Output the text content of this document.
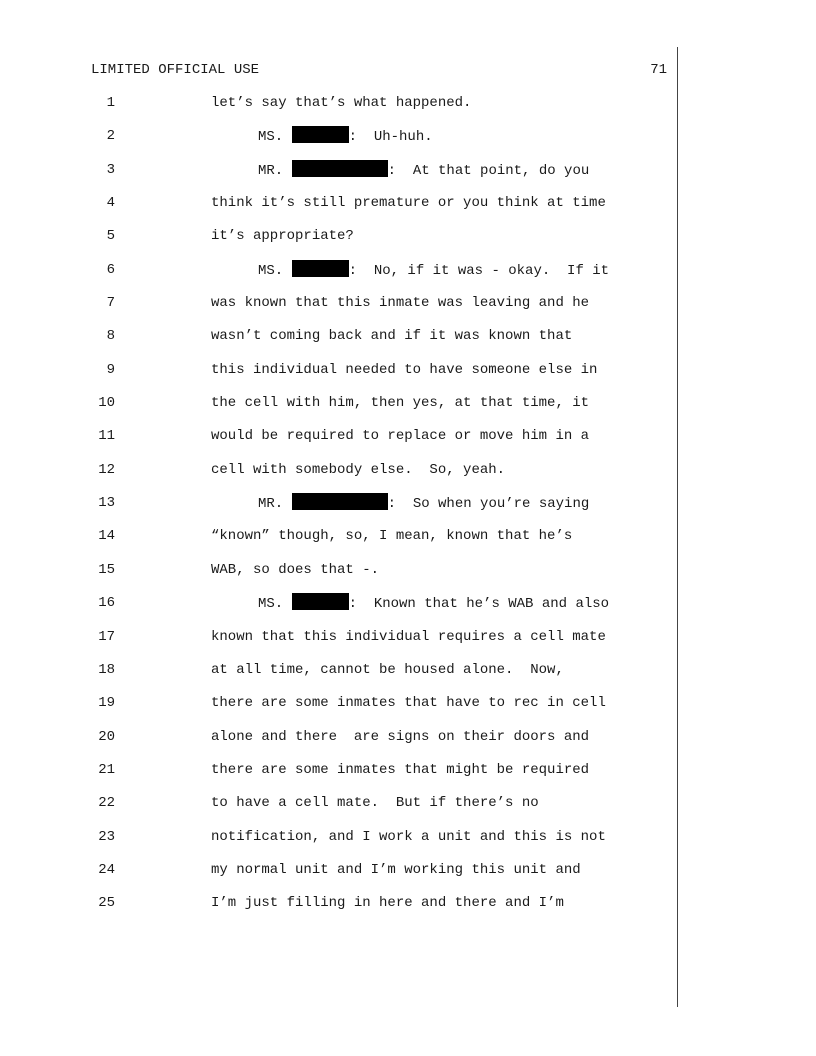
LIMITED OFFICIAL USE	71
1	let’s say that’s what happened.
2	MS.	:  Uh-huh.
3	MR.	:  At that point, do you
4	think it’s still premature or you think at time
5	it’s appropriate?
6	MS.	:  No, if it was - okay.  If it
7	was known that this inmate was leaving and he
8	wasn’t coming back and if it was known that
9	this individual needed to have someone else in
10	the cell with him, then yes, at that time, it
11	would be required to replace or move him in a
12	cell with somebody else.  So, yeah.
13	MR.	:  So when you’re saying
14	“known” though, so, I mean, known that he’s
15	WAB, so does that -.
16	MS.	:  Known that he’s WAB and also
17	known that this individual requires a cell mate
18	at all time, cannot be housed alone.  Now,
19	there are some inmates that have to rec in cell
20	alone and there  are signs on their doors and
21	there are some inmates that might be required
22	to have a cell mate.  But if there’s no
23	notification, and I work a unit and this is not
24	my normal unit and I’m working this unit and
25	I’m just filling in here and there and I’m
